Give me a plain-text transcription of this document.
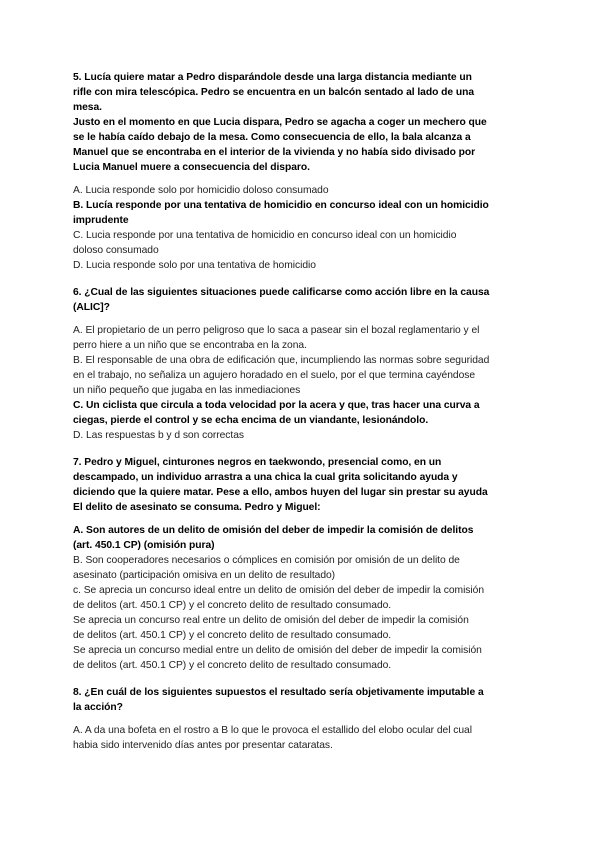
5. Lucía quiere matar a Pedro disparándole desde una larga distancia mediante un
rifle con mira telescópica. Pedro se encuentra en un balcón sentado al lado de una
mesa.
Justo en el momento en que Lucia dispara, Pedro se agacha a coger un mechero que
se le había caído debajo de la mesa. Como consecuencia de ello, la bala alcanza a
Manuel que se encontraba en el interior de la vivienda y no había sido divisado por
Lucia Manuel muere a consecuencia del disparo.
A. Lucia responde solo por homicidio doloso consumado
B. Lucía responde por una tentativa de homicidio en concurso ideal con un homicidio
imprudente
C. Lucia responde por una tentativa de homicidio en concurso ideal con un homicidio
doloso consumado
D. Lucia responde solo por una tentativa de homicidio
6. ¿Cual de las siguientes situaciones puede calificarse como acción libre en la causa
(ALIC]?
A. El propietario de un perro peligroso que lo saca a pasear sin el bozal reglamentario y el
perro hiere a un niño que se encontraba en la zona.
B. El responsable de una obra de edificación que, incumpliendo las normas sobre seguridad
en el trabajo, no señaliza un agujero horadado en el suelo, por el que termina cayéndose
un niño pequeño que jugaba en las inmediaciones
C. Un ciclista que circula a toda velocidad por la acera y que, tras hacer una curva a
ciegas, pierde el control y se echa encima de un viandante, lesionándolo.
D. Las respuestas b y d son correctas
7. Pedro y Miguel, cinturones negros en taekwondo, presencial como, en un
descampado, un individuo arrastra a una chica la cual grita solicitando ayuda y
diciendo que la quiere matar. Pese a ello, ambos huyen del lugar sin prestar su ayuda
El delito de asesinato se consuma. Pedro y Miguel:
A. Son autores de un delito de omisión del deber de impedir la comisión de delitos
(art. 450.1 CP) (omisión pura)
B. Son cooperadores necesarios o cómplices en comisión por omisión de un delito de
asesinato (participación omisiva en un delito de resultado)
c. Se aprecia un concurso ideal entre un delito de omisión del deber de impedir la comisión
de delitos (art. 450.1 CP) y el concreto delito de resultado consumado.
Se aprecia un concurso real entre un delito de omisión del deber de impedir la comisión
de delitos (art. 450.1 CP) y el concreto delito de resultado consumado.
Se aprecia un concurso medial entre un delito de omisión del deber de impedir la comisión
de delitos (art. 450.1 CP) y el concreto delito de resultado consumado.
8. ¿En cuál de los siguientes supuestos el resultado sería objetivamente imputable a
la acción?
A. A da una bofeta en el rostro a B lo que le provoca el estallido del elobo ocular del cual
habia sido intervenido días antes por presentar cataratas.
